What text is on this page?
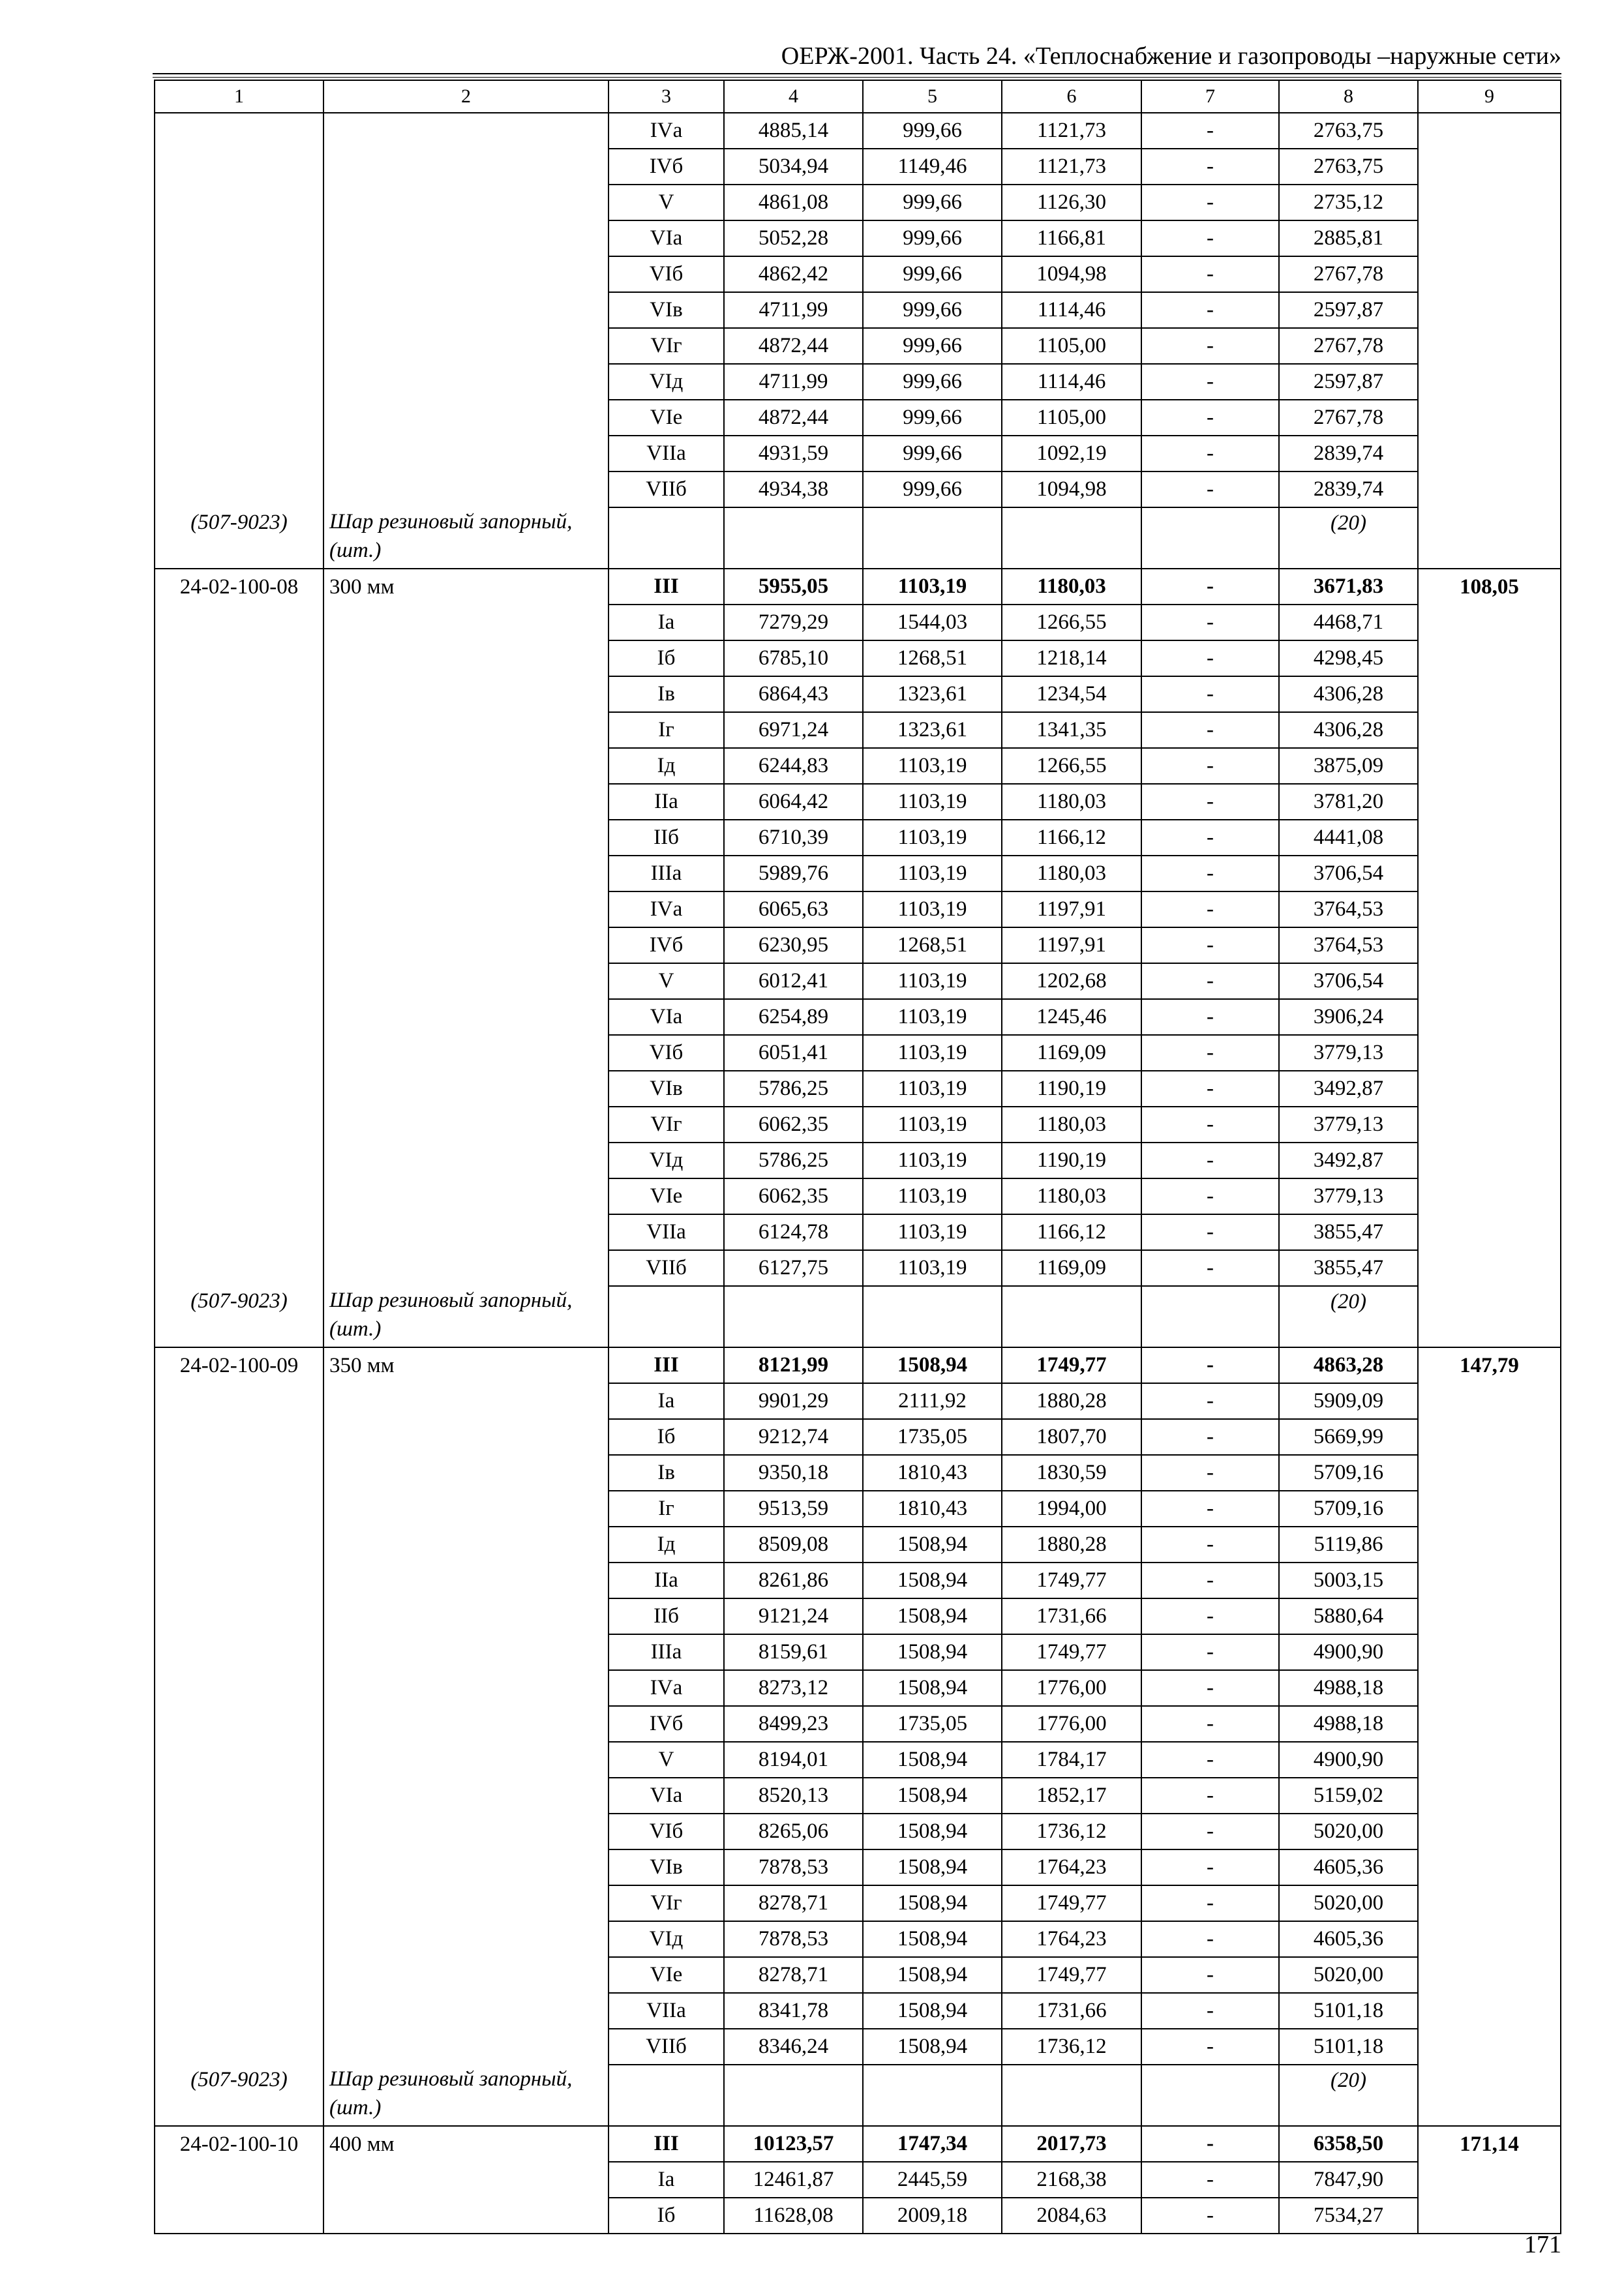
ОЕРЖ-2001. Часть 24. «Теплоснабжение и газопроводы –наружные сети»
1	2	3	4	5	6	7	8	9
		IVа	4885,14	999,66	1121,73	-	2763,75	
		IVб	5034,94	1149,46	1121,73	-	2763,75	
		V	4861,08	999,66	1126,30	-	2735,12	
		VIа	5052,28	999,66	1166,81	-	2885,81	
		VIб	4862,42	999,66	1094,98	-	2767,78	
		VIв	4711,99	999,66	1114,46	-	2597,87	
		VIг	4872,44	999,66	1105,00	-	2767,78	
		VIд	4711,99	999,66	1114,46	-	2597,87	
		VIе	4872,44	999,66	1105,00	-	2767,78	
		VIIа	4931,59	999,66	1092,19	-	2839,74	
		VIIб	4934,38	999,66	1094,98	-	2839,74	
(507-9023)	Шар резиновый запорный, (шт.)						(20)	
24-02-100-08	300 мм	III	5955,05	1103,19	1180,03	-	3671,83	108,05
		Iа	7279,29	1544,03	1266,55	-	4468,71	
		Iб	6785,10	1268,51	1218,14	-	4298,45	
		Iв	6864,43	1323,61	1234,54	-	4306,28	
		Iг	6971,24	1323,61	1341,35	-	4306,28	
		Iд	6244,83	1103,19	1266,55	-	3875,09	
		IIа	6064,42	1103,19	1180,03	-	3781,20	
		IIб	6710,39	1103,19	1166,12	-	4441,08	
		IIIа	5989,76	1103,19	1180,03	-	3706,54	
		IVа	6065,63	1103,19	1197,91	-	3764,53	
		IVб	6230,95	1268,51	1197,91	-	3764,53	
		V	6012,41	1103,19	1202,68	-	3706,54	
		VIа	6254,89	1103,19	1245,46	-	3906,24	
		VIб	6051,41	1103,19	1169,09	-	3779,13	
		VIв	5786,25	1103,19	1190,19	-	3492,87	
		VIг	6062,35	1103,19	1180,03	-	3779,13	
		VIд	5786,25	1103,19	1190,19	-	3492,87	
		VIе	6062,35	1103,19	1180,03	-	3779,13	
		VIIа	6124,78	1103,19	1166,12	-	3855,47	
		VIIб	6127,75	1103,19	1169,09	-	3855,47	
(507-9023)	Шар резиновый запорный, (шт.)						(20)	
24-02-100-09	350 мм	III	8121,99	1508,94	1749,77	-	4863,28	147,79
		Iа	9901,29	2111,92	1880,28	-	5909,09	
		Iб	9212,74	1735,05	1807,70	-	5669,99	
		Iв	9350,18	1810,43	1830,59	-	5709,16	
		Iг	9513,59	1810,43	1994,00	-	5709,16	
		Iд	8509,08	1508,94	1880,28	-	5119,86	
		IIа	8261,86	1508,94	1749,77	-	5003,15	
		IIб	9121,24	1508,94	1731,66	-	5880,64	
		IIIа	8159,61	1508,94	1749,77	-	4900,90	
		IVа	8273,12	1508,94	1776,00	-	4988,18	
		IVб	8499,23	1735,05	1776,00	-	4988,18	
		V	8194,01	1508,94	1784,17	-	4900,90	
		VIа	8520,13	1508,94	1852,17	-	5159,02	
		VIб	8265,06	1508,94	1736,12	-	5020,00	
		VIв	7878,53	1508,94	1764,23	-	4605,36	
		VIг	8278,71	1508,94	1749,77	-	5020,00	
		VIд	7878,53	1508,94	1764,23	-	4605,36	
		VIе	8278,71	1508,94	1749,77	-	5020,00	
		VIIа	8341,78	1508,94	1731,66	-	5101,18	
		VIIб	8346,24	1508,94	1736,12	-	5101,18	
(507-9023)	Шар резиновый запорный, (шт.)						(20)	
24-02-100-10	400 мм	III	10123,57	1747,34	2017,73	-	6358,50	171,14
		Iа	12461,87	2445,59	2168,38	-	7847,90	
		Iб	11628,08	2009,18	2084,63	-	7534,27	
171
